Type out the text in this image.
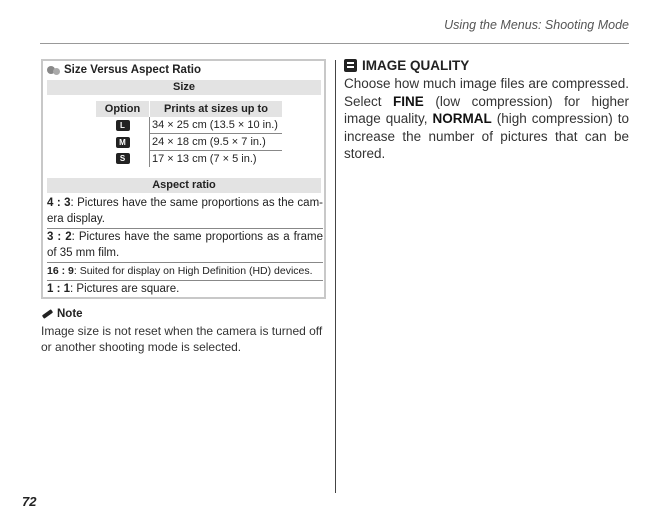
Using the Menus: Shooting Mode
72
Size Versus Aspect Ratio
Size
Option	Prints at sizes up to
L	34 × 25 cm (13.5 × 10 in.)
M	24 × 18 cm (9.5 × 7 in.)
S	17 × 13 cm (7 × 5 in.)
Aspect ratio
4 : 3: Pictures have the same proportions as the cam-era display.
3 : 2: Pictures have the same proportions as a frame of 35 mm film.
16 : 9: Suited for display on High Definition (HD) devices.
1 : 1: Pictures are square.
Note
Image size is not reset when the camera is turned off or another shooting mode is selected.
IMAGE QUALITY
Choose how much image files are compressed. Select FINE (low compression) for higher image quality, NORMAL (high compression) to increase the number of pictures that can be stored.
